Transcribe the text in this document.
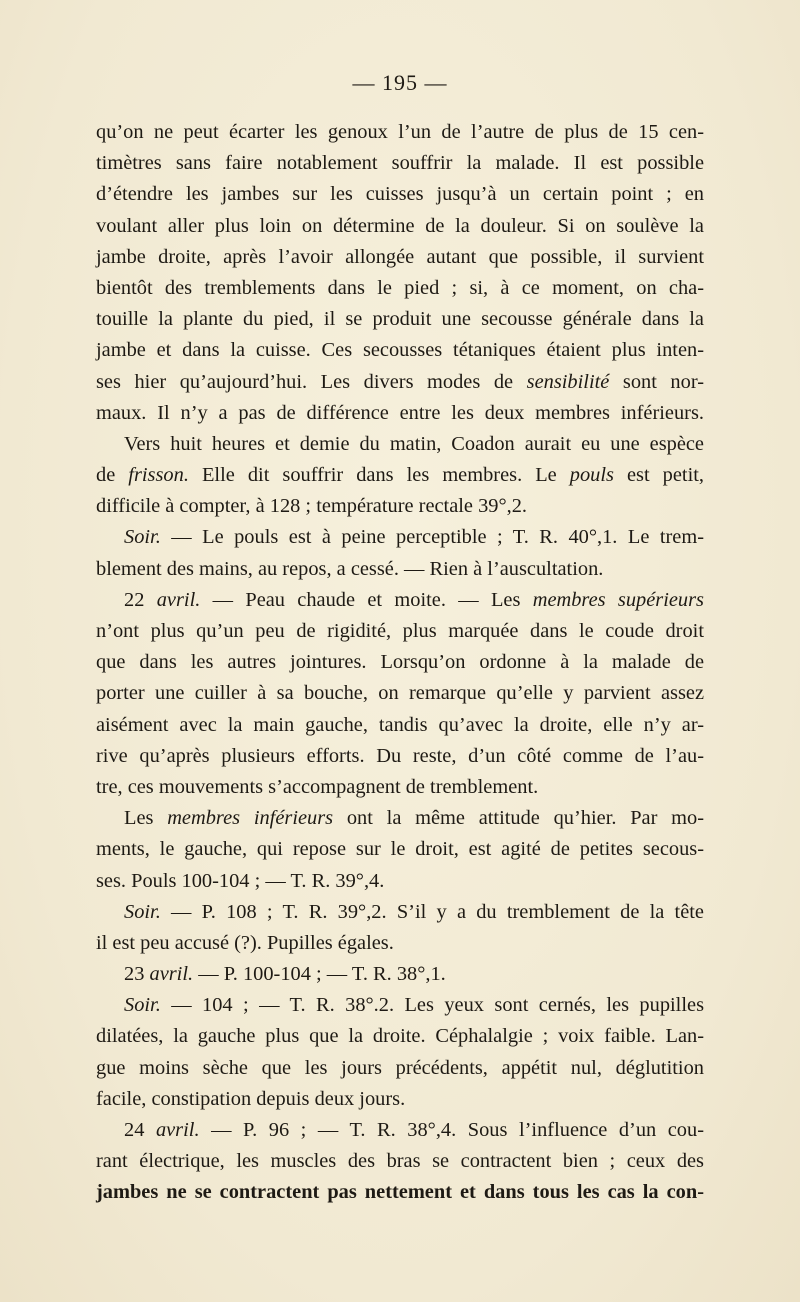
— 195 —
qu’on ne peut écarter les genoux l’un de l’autre de plus de 15 cen-
timètres sans faire notablement souffrir la malade. Il est possible
d’étendre les jambes sur les cuisses jusqu’à un certain point ; en
voulant aller plus loin on détermine de la douleur. Si on soulève la
jambe droite, après l’avoir allongée autant que possible, il survient
bientôt des tremblements dans le pied ; si, à ce moment, on cha-
touille la plante du pied, il se produit une secousse générale dans la
jambe et dans la cuisse. Ces secousses tétaniques étaient plus inten-
ses hier qu’aujourd’hui. Les divers modes de sensibilité sont nor-
maux. Il n’y a pas de différence entre les deux membres inférieurs.
Vers huit heures et demie du matin, Coadon aurait eu une espèce
de frisson. Elle dit souffrir dans les membres. Le pouls est petit,
difficile à compter, à 128 ; température rectale 39°,2.
Soir. — Le pouls est à peine perceptible ; T. R. 40°,1. Le trem-
blement des mains, au repos, a cessé. — Rien à l’auscultation.
22 avril. — Peau chaude et moite. — Les membres supérieurs
n’ont plus qu’un peu de rigidité, plus marquée dans le coude droit
que dans les autres jointures. Lorsqu’on ordonne à la malade de
porter une cuiller à sa bouche, on remarque qu’elle y parvient assez
aisément avec la main gauche, tandis qu’avec la droite, elle n’y ar-
rive qu’après plusieurs efforts. Du reste, d’un côté comme de l’au-
tre, ces mouvements s’accompagnent de tremblement.
Les membres inférieurs ont la même attitude qu’hier. Par mo-
ments, le gauche, qui repose sur le droit, est agité de petites secous-
ses. Pouls 100-104 ; — T. R. 39°,4.
Soir. — P. 108 ; T. R. 39°,2. S’il y a du tremblement de la tête
il est peu accusé (?). Pupilles égales.
23 avril. — P. 100-104 ; — T. R. 38°,1.
Soir. — 104 ; — T. R. 38°.2. Les yeux sont cernés, les pupilles
dilatées, la gauche plus que la droite. Céphalalgie ; voix faible. Lan-
gue moins sèche que les jours précédents, appétit nul, déglutition
facile, constipation depuis deux jours.
24 avril. — P. 96 ; — T. R. 38°,4. Sous l’influence d’un cou-
rant électrique, les muscles des bras se contractent bien ; ceux des
jambes ne se contractent pas nettement et dans tous les cas la con-
